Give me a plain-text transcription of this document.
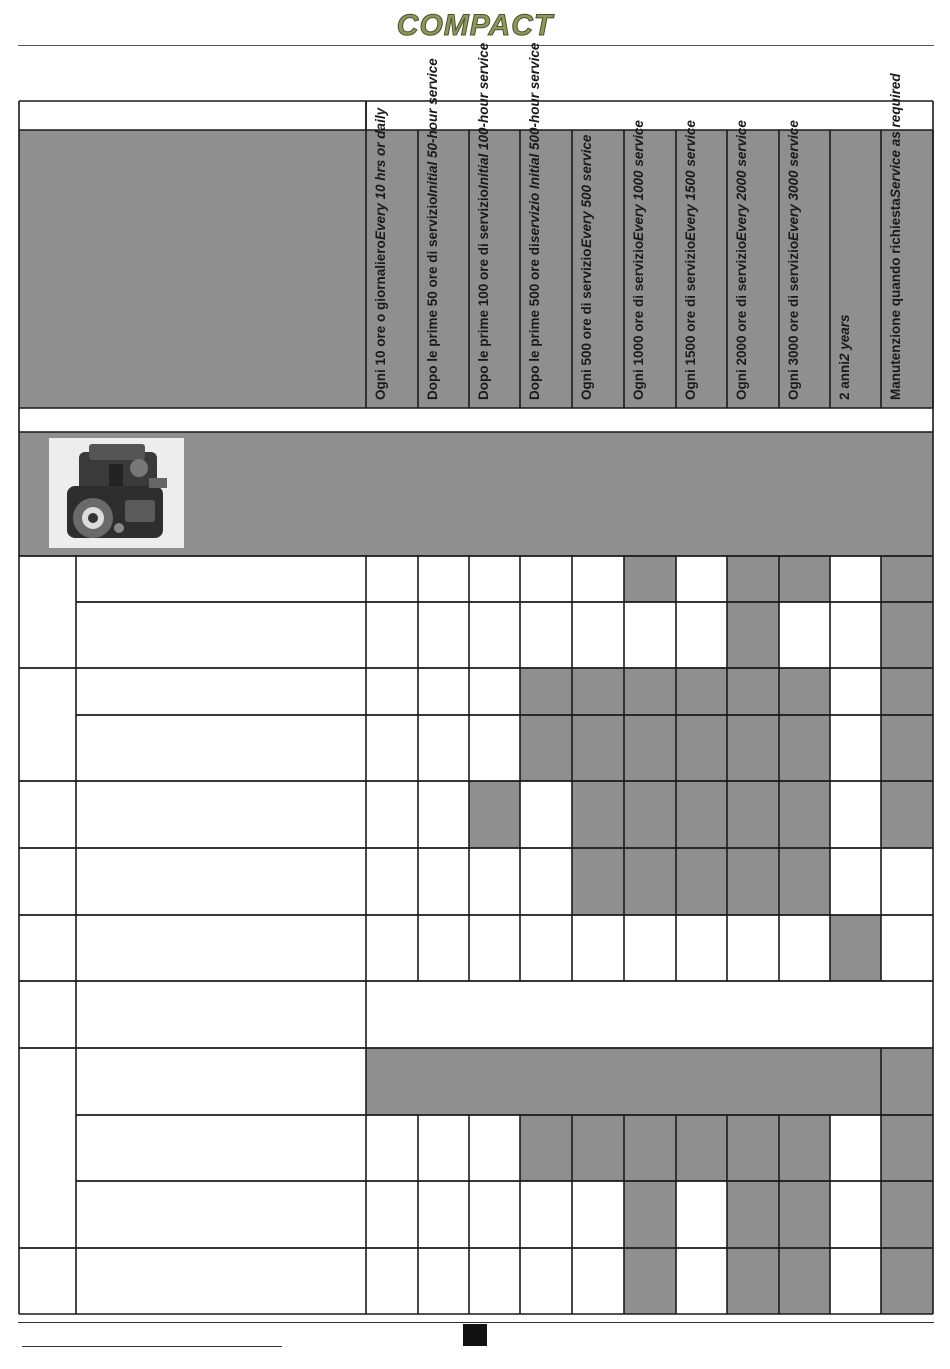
COMPACT
Ogni 10 ore o giornaliero
Every 10 hrs or daily
Dopo le prime 50 ore di servizio
Initial 50-hour service
Dopo le prime 100 ore di servizio
Initial 100-hour service
Dopo le prime 500 ore di
servizio Initial 500-hour service
Ogni 500 ore di servizio
Every 500 service
Ogni 1000 ore di servizio
Every 1000 service
Ogni 1500 ore di servizio
Every 1500 service
Ogni 2000 ore di servizio
Every 2000 service
Ogni 3000 ore di servizio
Every 3000 service
2 anni
2 years	Manutenzione quando richiesta
Service as required
